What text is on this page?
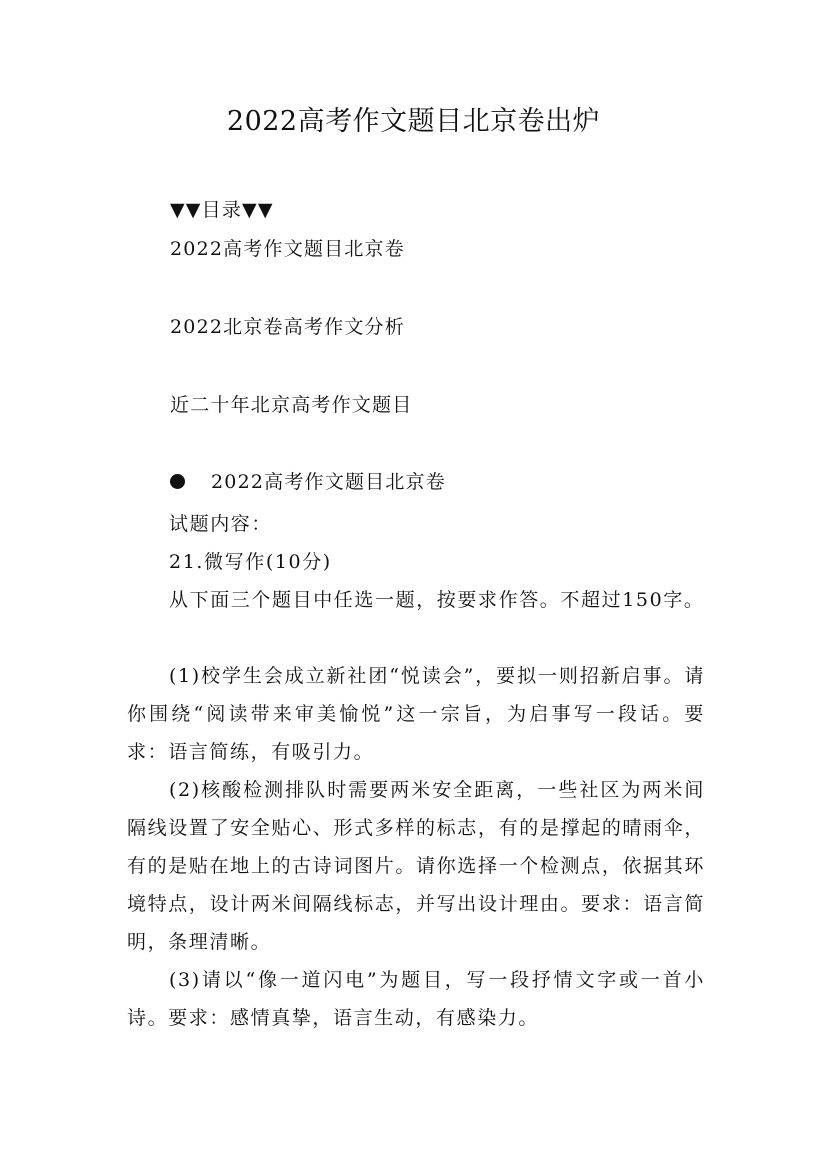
2022高考作文题目北京卷出炉
▼▼目录▼▼
2022高考作文题目北京卷
2022北京卷高考作文分析
近二十年北京高考作文题目
2022高考作文题目北京卷
试题内容：
21.微写作(10分)
从下面三个题目中任选一题，按要求作答。不超过150字。
(1)校学生会成立新社团“悦读会”，要拟一则招新启事。请你围绕“阅读带来审美愉悦”这一宗旨，为启事写一段话。要求：语言简练，有吸引力。
(2)核酸检测排队时需要两米安全距离，一些社区为两米间隔线设置了安全贴心、形式多样的标志，有的是撑起的晴雨伞，有的是贴在地上的古诗词图片。请你选择一个检测点，依据其环境特点，设计两米间隔线标志，并写出设计理由。要求：语言简明，条理清晰。
(3)请以“像一道闪电”为题目，写一段抒情文字或一首小诗。要求：感情真挚，语言生动，有感染力。
